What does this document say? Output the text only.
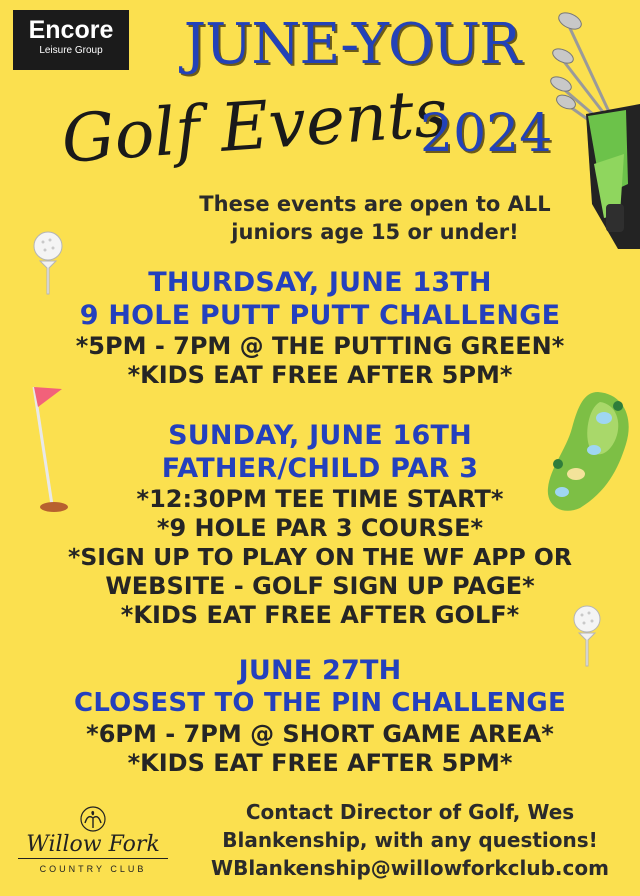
Encore
Leisure Group	JUNE-YOUR
Golf Events
2024
These events are open to ALL
juniors age 15 or under!
THURDSAY, JUNE 13TH
9 HOLE PUTT PUTT CHALLENGE
*5PM - 7PM @ THE PUTTING GREEN*
*KIDS EAT FREE AFTER 5PM*
SUNDAY, JUNE 16TH
FATHER/CHILD PAR 3
*12:30PM TEE TIME START*
*9 HOLE PAR 3 COURSE*
*SIGN UP TO PLAY ON THE WF APP OR
WEBSITE - GOLF SIGN UP PAGE*
*KIDS EAT FREE AFTER GOLF*
JUNE 27TH
CLOSEST TO THE PIN CHALLENGE
*6PM - 7PM @ SHORT GAME AREA*
*KIDS EAT FREE AFTER 5PM*
Willow Fork
COUNTRY CLUB
Contact Director of Golf, Wes
Blankenship, with any questions!
WBlankenship@willowforkclub.com
